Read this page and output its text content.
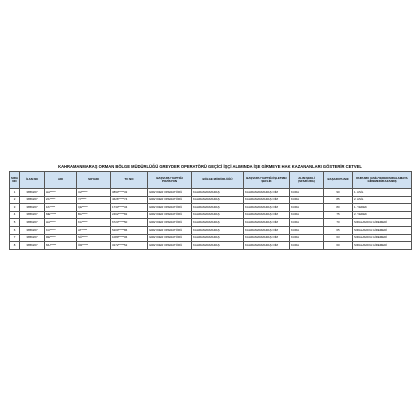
KAHRAMANMARAŞ ORMAN BÖLGE MÜDÜRLÜĞÜ GREYDER OPERATÖRÜ GEÇİCİ İŞÇİ ALIMINDA İŞE GİRMEYE HAK KAZANANLARI GÖSTERİR CETVEL
SIRA NO	İLAN NO	ADI	SOYADI	TC NO	BAŞVURU YAPTIĞI POZİSYON	BÖLGE MÜDÜRLÜĞÜ	BAŞVURU YAPTIĞI İŞLETME/ŞEFLİK	ALIM ŞEKLİ (SFS/KURA)	BAŞARI PUANI	DURUMU (ASİL/YEDEK/SIRALAMAYA GİREMEDİ/KAZANDI)
1	3856267	HA*****	UZ*****	3893*****32	GREYDER OPERATÖRÜ	KAHRAMANMARAŞ	KAHRAMANMARAŞ OİM	KURA	90	1. ASİL
2	3856267	ZA*****	YI*****	4626*****74	GREYDER OPERATÖRÜ	KAHRAMANMARAŞ	KAHRAMANMARAŞ OİM	KURA	85	2. ASİL
3	3856267	FA*****	ÇE*****	1733*****34	GREYDER OPERATÖRÜ	KAHRAMANMARAŞ	KAHRAMANMARAŞ OİM	KURA	80	1. YEDEK
4	3856267	ME*****	BA*****	2462*****82	GREYDER OPERATÖRÜ	KAHRAMANMARAŞ	KAHRAMANMARAŞ OİM	KURA	75	2. YEDEK
5	3856267	HA*****	KA*****	6723*****50	GREYDER OPERATÖRÜ	KAHRAMANMARAŞ	KAHRAMANMARAŞ OİM	KURA	70	SIRALAMAYA GİREMEDİ
6	3856267	KU*****	AT*****	5200*****86	GREYDER OPERATÖRÜ	KAHRAMANMARAŞ	KAHRAMANMARAŞ OİM	KURA	65	SIRALAMAYA GİREMEDİ
7	3856267	RE*****	SÜ*****	1089*****06	GREYDER OPERATÖRÜ	KAHRAMANMARAŞ	KAHRAMANMARAŞ OİM	KURA	63	SIRALAMAYA GİREMEDİ
8	3856267	MU*****	ÖR*****	3272*****52	GREYDER OPERATÖRÜ	KAHRAMANMARAŞ	KAHRAMANMARAŞ OİM	KURA	60	SIRALAMAYA GİREMEDİ
